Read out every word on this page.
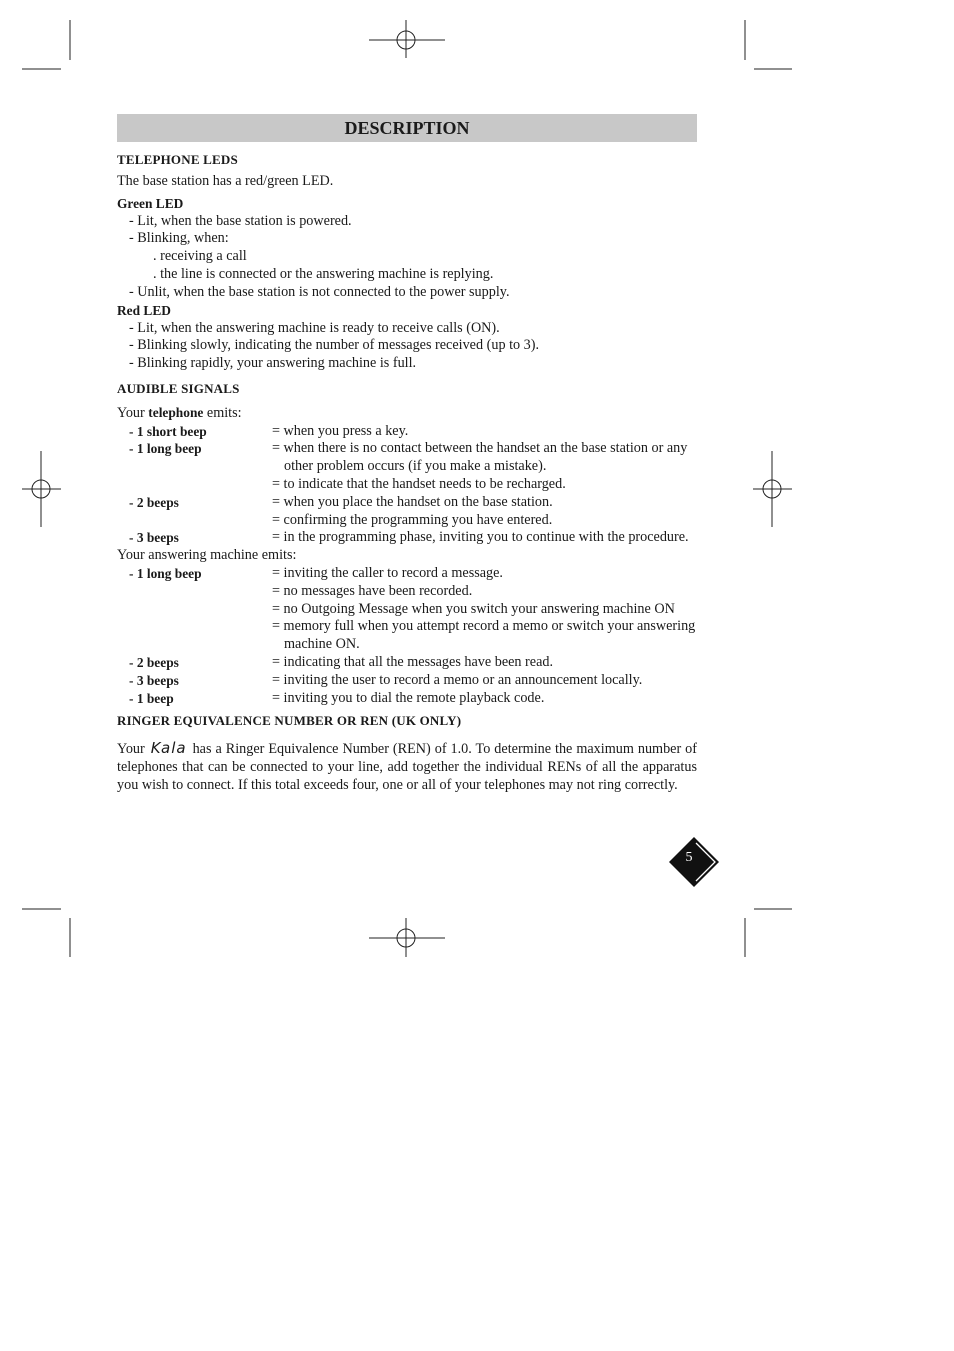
DESCRIPTION
TELEPHONE LEDS
The base station has a red/green LED.
Green LED
- Lit, when the base station is powered.
- Blinking, when:
. receiving a call
. the line is connected or the answering machine is replying.
- Unlit, when the base station is not connected to the power supply.
Red LED
- Lit, when the answering machine is ready to receive calls (ON).
- Blinking slowly, indicating the number of messages received (up to 3).
- Blinking rapidly, your answering machine is full.
AUDIBLE SIGNALS
Your telephone emits:
- 1 short beep	= when you press a key.
- 1 long beep	= when there is no contact between the handset an the base station or any other problem occurs (if you make a mistake).
	= to indicate that the handset needs to be recharged.
- 2 beeps	= when you place the handset on the base station.
	= confirming the programming you have entered.
- 3 beeps	= in the programming phase, inviting you to continue with the procedure.
Your answering machine emits:
- 1 long beep	= inviting the caller to record a message.
	= no messages have been recorded.
	= no Outgoing Message when you switch your answering machine ON
	= memory full when you attempt record a memo or switch your answering machine ON.
- 2 beeps	= indicating that all the messages have been read.
- 3 beeps	= inviting the user to record a memo or an announcement locally.
- 1 beep	= inviting you to dial the remote playback code.
RINGER EQUIVALENCE NUMBER OR REN (UK ONLY)
Your Kala has a Ringer Equivalence Number (REN) of 1.0. To determine the maximum number of telephones that can be connected to your line, add together the individual RENs of all the apparatus you wish to connect. If this total exceeds four, one or all of your telephones may not ring correctly.
5
